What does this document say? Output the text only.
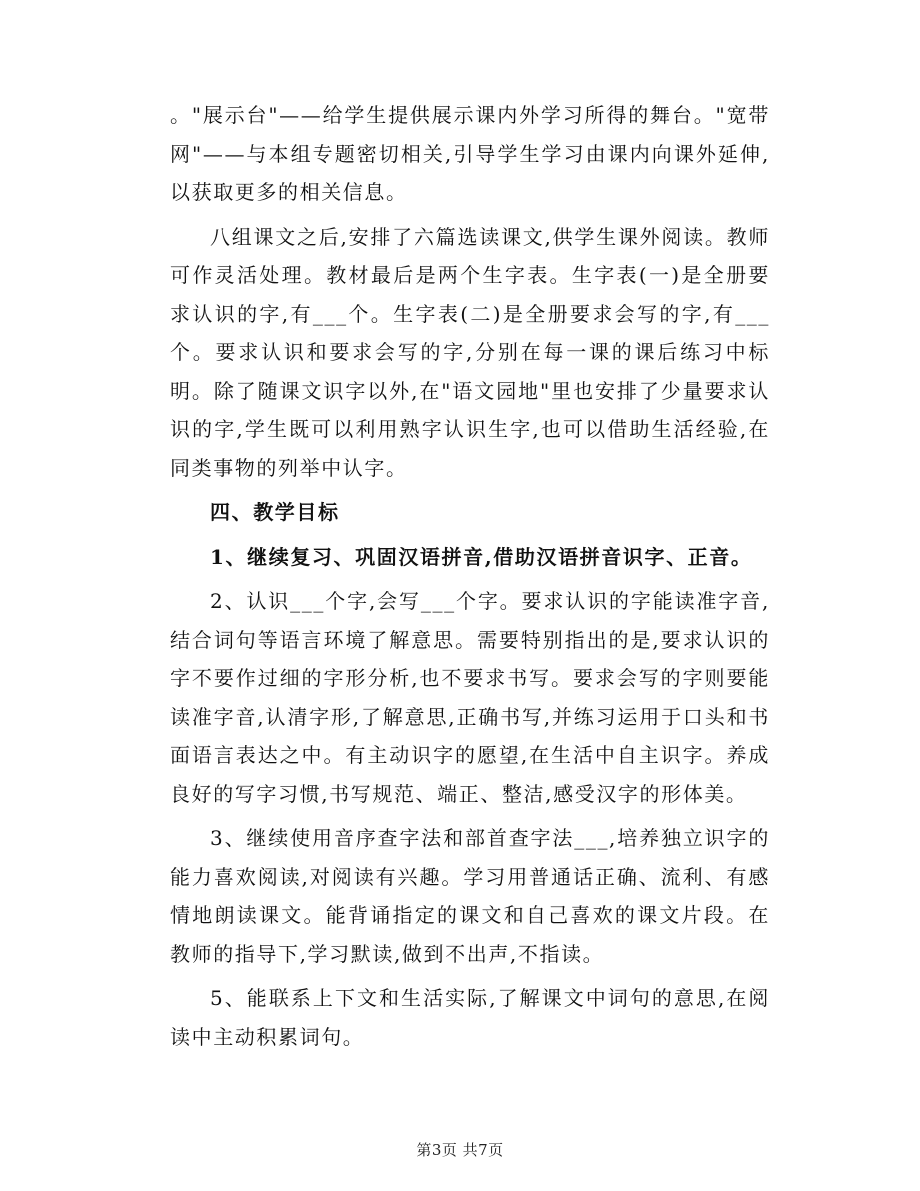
。"展示台"——给学生提供展示课内外学习所得的舞台。"宽带网"——与本组专题密切相关,引导学生学习由课内向课外延伸,以获取更多的相关信息。

八组课文之后,安排了六篇选读课文,供学生课外阅读。教师可作灵活处理。教材最后是两个生字表。生字表(一)是全册要求认识的字,有___个。生字表(二)是全册要求会写的字,有___个。要求认识和要求会写的字,分别在每一课的课后练习中标明。除了随课文识字以外,在"语文园地"里也安排了少量要求认识的字,学生既可以利用熟字认识生字,也可以借助生活经验,在同类事物的列举中认字。

四、教学目标

1、继续复习、巩固汉语拼音,借助汉语拼音识字、正音。

2、认识___个字,会写___个字。要求认识的字能读准字音,结合词句等语言环境了解意思。需要特别指出的是,要求认识的字不要作过细的字形分析,也不要求书写。要求会写的字则要能读准字音,认清字形,了解意思,正确书写,并练习运用于口头和书面语言表达之中。有主动识字的愿望,在生活中自主识字。养成良好的写字习惯,书写规范、端正、整洁,感受汉字的形体美。

3、继续使用音序查字法和部首查字法___,培养独立识字的能力喜欢阅读,对阅读有兴趣。学习用普通话正确、流利、有感情地朗读课文。能背诵指定的课文和自己喜欢的课文片段。在教师的指导下,学习默读,做到不出声,不指读。

5、能联系上下文和生活实际,了解课文中词句的意思,在阅读中主动积累词句。

第3页 共7页
